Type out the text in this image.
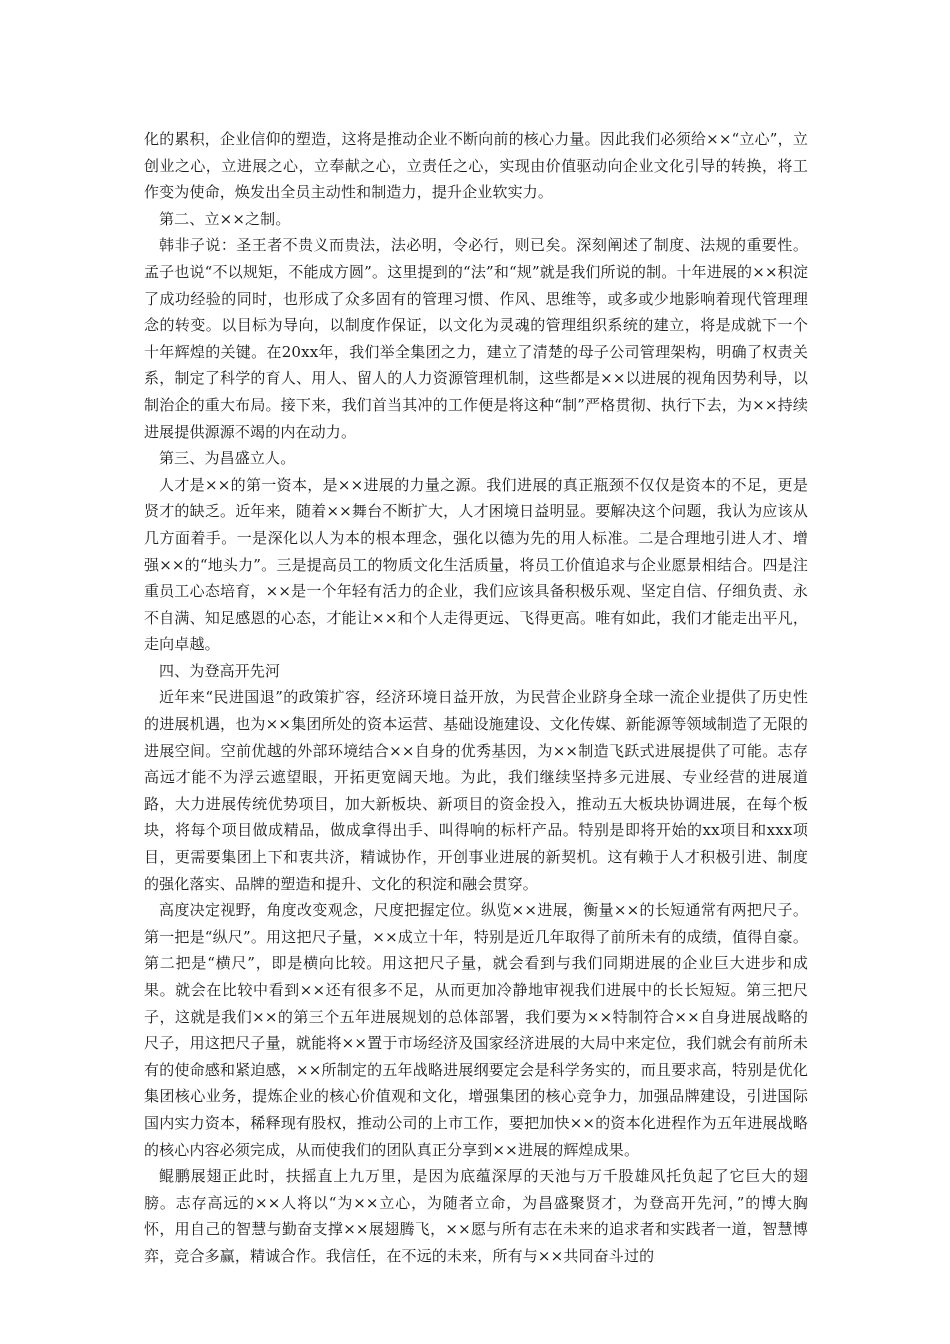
化的累积，企业信仰的塑造，这将是推动企业不断向前的核心力量。因此我们必须给××“立心”，立创业之心，立进展之心，立奉献之心，立责任之心，实现由价值驱动向企业文化引导的转换，将工作变为使命，焕发出全员主动性和制造力，提升企业软实力。

第二、立××之制。

韩非子说：圣王者不贵义而贵法，法必明，令必行，则已矣。深刻阐述了制度、法规的重要性。孟子也说“不以规矩，不能成方圆”。这里提到的“法”和“规”就是我们所说的制。十年进展的××积淀了成功经验的同时，也形成了众多固有的管理习惯、作风、思维等，或多或少地影响着现代管理理念的转变。以目标为导向，以制度作保证，以文化为灵魂的管理组织系统的建立，将是成就下一个十年辉煌的关键。在20xx年，我们举全集团之力，建立了清楚的母子公司管理架构，明确了权责关系，制定了科学的育人、用人、留人的人力资源管理机制，这些都是××以进展的视角因势利导，以制治企的重大布局。接下来，我们首当其冲的工作便是将这种“制”严格贯彻、执行下去，为××持续进展提供源源不竭的内在动力。

第三、为昌盛立人。

人才是××的第一资本，是××进展的力量之源。我们进展的真正瓶颈不仅仅是资本的不足，更是贤才的缺乏。近年来，随着××舞台不断扩大，人才困境日益明显。要解决这个问题，我认为应该从几方面着手。一是深化以人为本的根本理念，强化以德为先的用人标准。二是合理地引进人才、增强××的“地头力”。三是提高员工的物质文化生活质量，将员工价值追求与企业愿景相结合。四是注重员工心态培育，××是一个年轻有活力的企业，我们应该具备积极乐观、坚定自信、仔细负责、永不自满、知足感恩的心态，才能让××和个人走得更远、飞得更高。唯有如此，我们才能走出平凡，走向卓越。

四、为登高开先河

近年来“民进国退”的政策扩容，经济环境日益开放，为民营企业跻身全球一流企业提供了历史性的进展机遇，也为××集团所处的资本运营、基础设施建设、文化传媒、新能源等领域制造了无限的进展空间。空前优越的外部环境结合××自身的优秀基因，为××制造飞跃式进展提供了可能。志存高远才能不为浮云遮望眼，开拓更宽阔天地。为此，我们继续坚持多元进展、专业经营的进展道路，大力进展传统优势项目，加大新板块、新项目的资金投入，推动五大板块协调进展，在每个板块，将每个项目做成精品，做成拿得出手、叫得响的标杆产品。特别是即将开始的xx项目和xxx项目，更需要集团上下和衷共济，精诚协作，开创事业进展的新契机。这有赖于人才积极引进、制度的强化落实、品牌的塑造和提升、文化的积淀和融会贯穿。

高度决定视野，角度改变观念，尺度把握定位。纵览××进展，衡量××的长短通常有两把尺子。第一把是“纵尺”。用这把尺子量，××成立十年，特别是近几年取得了前所未有的成绩，值得自豪。第二把是“横尺”，即是横向比较。用这把尺子量，就会看到与我们同期进展的企业巨大进步和成果。就会在比较中看到××还有很多不足，从而更加冷静地审视我们进展中的长长短短。第三把尺子，这就是我们××的第三个五年进展规划的总体部署，我们要为××特制符合××自身进展战略的尺子，用这把尺子量，就能将××置于市场经济及国家经济进展的大局中来定位，我们就会有前所未有的使命感和紧迫感，××所制定的五年战略进展纲要定会是科学务实的，而且要求高，特别是优化集团核心业务，提炼企业的核心价值观和文化，增强集团的核心竞争力，加强品牌建设，引进国际国内实力资本，稀释现有股权，推动公司的上市工作，要把加快××的资本化进程作为五年进展战略的核心内容必须完成，从而使我们的团队真正分享到××进展的辉煌成果。

鲲鹏展翅正此时，扶摇直上九万里，是因为底蕴深厚的天池与万千股雄风托负起了它巨大的翅膀。志存高远的××人将以“为××立心，为随者立命，为昌盛聚贤才，为登高开先河，”的博大胸怀，用自己的智慧与勤奋支撑××展翅腾飞，××愿与所有志在未来的追求者和实践者一道，智慧博弈，竞合多赢，精诚合作。我信任，在不远的未来，所有与××共同奋斗过的
